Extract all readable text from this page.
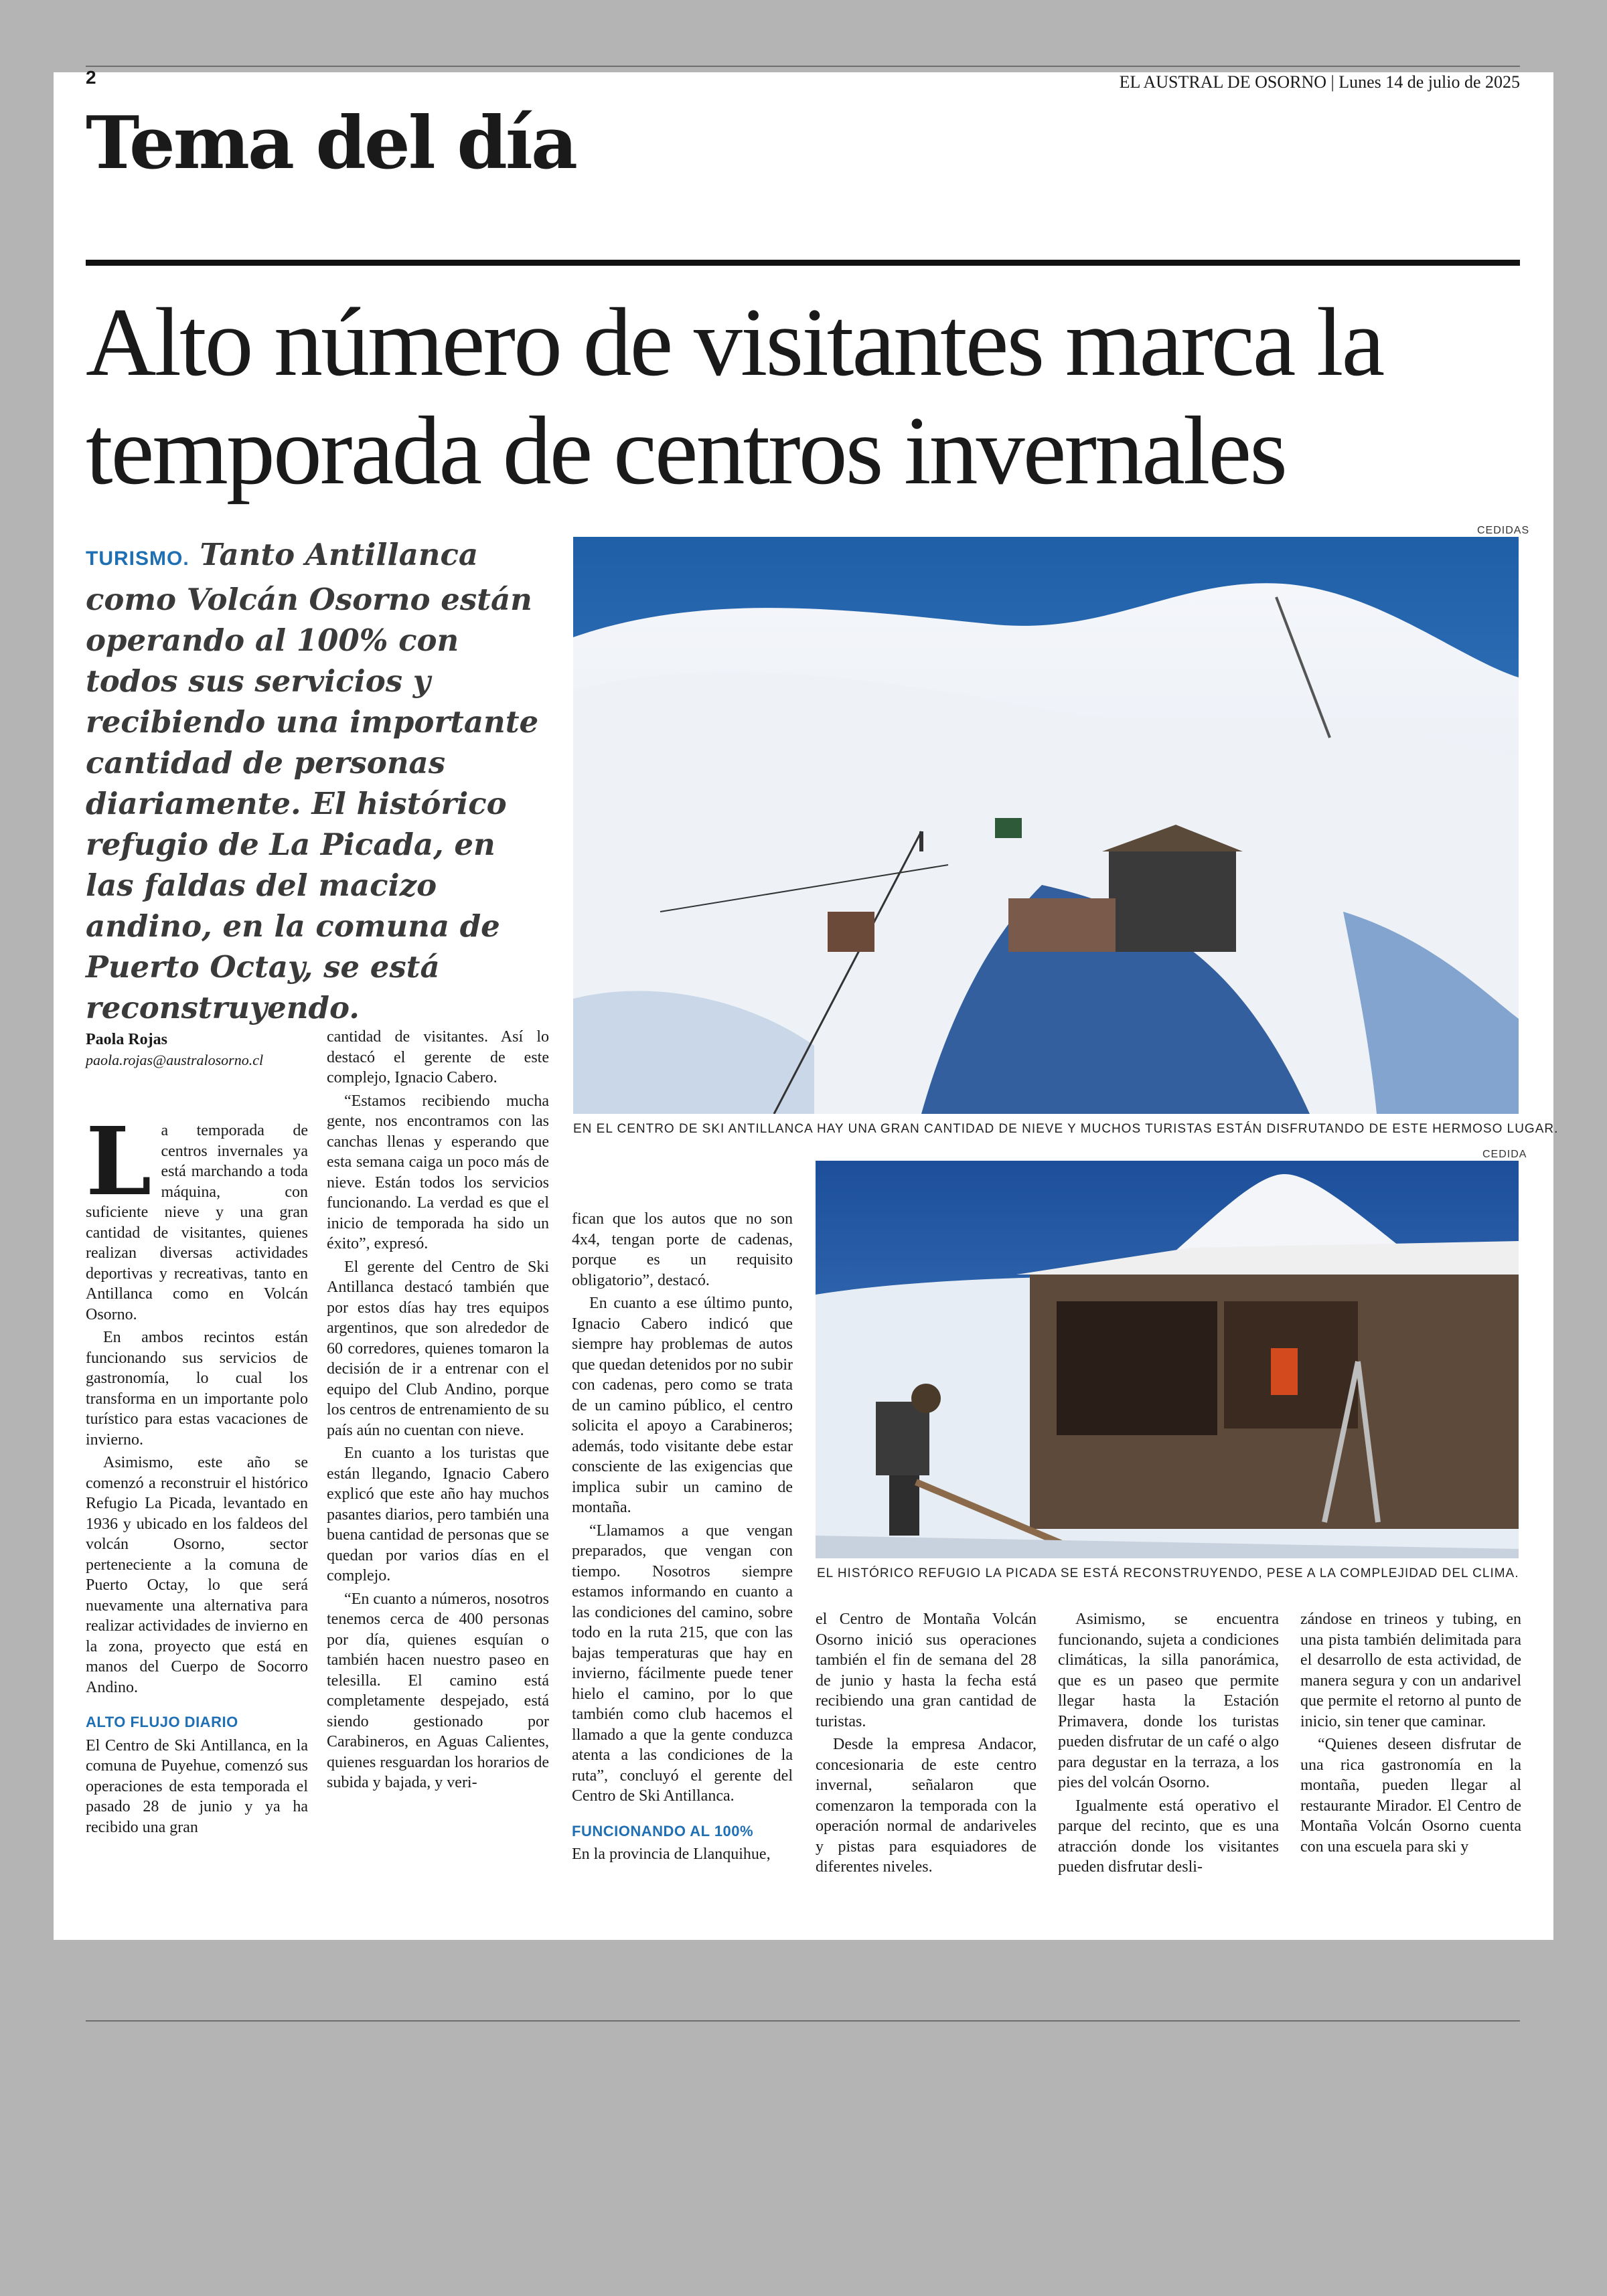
2	EL AUSTRAL DE OSORNO | Lunes 14 de julio de 2025
Tema del día
Alto número de visitantes marca la temporada de centros invernales

TURISMO. Tanto Antillanca como Volcán Osorno están operando al 100% con todos sus servicios y recibiendo una importante cantidad de personas diariamente. El histórico refugio de La Picada, en las faldas del macizo andino, en la comuna de Puerto Octay, se está reconstruyendo.

CEDIDAS
EN EL CENTRO DE SKI ANTILLANCA HAY UNA GRAN CANTIDAD DE NIEVE Y MUCHOS TURISTAS ESTÁN DISFRUTANDO DE ESTE HERMOSO LUGAR.
CEDIDA
EL HISTÓRICO REFUGIO LA PICADA SE ESTÁ RECONSTRUYENDO, PESE A LA COMPLEJIDAD DEL CLIMA.
Paola Rojas
paola.rojas@australosorno.cl

La temporada de centros invernales ya está marchando a toda máquina, con suficiente nieve y una gran cantidad de visitantes, quienes realizan diversas actividades deportivas y recreativas, tanto en Antillanca como en Volcán Osorno.

En ambos recintos están funcionando sus servicios de gastronomía, lo cual los transforma en un importante polo turístico para estas vacaciones de invierno.

Asimismo, este año se comenzó a reconstruir el histórico Refugio La Picada, levantado en 1936 y ubicado en los faldeos del volcán Osorno, sector perteneciente a la comuna de Puerto Octay, lo que será nuevamente una alternativa para realizar actividades de invierno en la zona, proyecto que está en manos del Cuerpo de Socorro Andino.

ALTO FLUJO DIARIO

El Centro de Ski Antillanca, en la comuna de Puyehue, comenzó sus operaciones de esta temporada el pasado 28 de junio y ya ha recibido una gran

cantidad de visitantes. Así lo destacó el gerente de este complejo, Ignacio Cabero.

“Estamos recibiendo mucha gente, nos encontramos con las canchas llenas y esperando que esta semana caiga un poco más de nieve. Están todos los servicios funcionando. La verdad es que el inicio de temporada ha sido un éxito”, expresó.

El gerente del Centro de Ski Antillanca destacó también que por estos días hay tres equipos argentinos, que son alrededor de 60 corredores, quienes tomaron la decisión de ir a entrenar con el equipo del Club Andino, porque los centros de entrenamiento de su país aún no cuentan con nieve.

En cuanto a los turistas que están llegando, Ignacio Cabero explicó que este año hay muchos pasantes diarios, pero también una buena cantidad de personas que se quedan por varios días en el complejo.

“En cuanto a números, nosotros tenemos cerca de 400 personas por día, quienes esquían o también hacen nuestro paseo en telesilla. El camino está completamente despejado, está siendo gestionado por Carabineros, en Aguas Calientes, quienes resguardan los horarios de subida y bajada, y veri-

fican que los autos que no son 4x4, tengan porte de cadenas, porque es un requisito obligatorio”, destacó.

En cuanto a ese último punto, Ignacio Cabero indicó que siempre hay problemas de autos que quedan detenidos por no subir con cadenas, pero como se trata de un camino público, el centro solicita el apoyo a Carabineros; además, todo visitante debe estar consciente de las exigencias que implica subir un camino de montaña.

“Llamamos a que vengan preparados, que vengan con tiempo. Nosotros siempre estamos informando en cuanto a las condiciones del camino, sobre todo en la ruta 215, que con las bajas temperaturas que hay en invierno, fácilmente puede tener hielo el camino, por lo que también como club hacemos el llamado a que la gente conduzca atenta a las condiciones de la ruta”, concluyó el gerente del Centro de Ski Antillanca.

FUNCIONANDO AL 100%

En la provincia de Llanquihue,

el Centro de Montaña Volcán Osorno inició sus operaciones también el fin de semana del 28 de junio y hasta la fecha está recibiendo una gran cantidad de turistas.

Desde la empresa Andacor, concesionaria de este centro invernal, señalaron que comenzaron la temporada con la operación normal de andariveles y pistas para esquiadores de diferentes niveles.

Asimismo, se encuentra funcionando, sujeta a condiciones climáticas, la silla panorámica, que es un paseo que permite llegar hasta la Estación Primavera, donde los turistas pueden disfrutar de un café o algo para degustar en la terraza, a los pies del volcán Osorno.

Igualmente está operativo el parque del recinto, que es una atracción donde los visitantes pueden disfrutar desli-

zándose en trineos y tubing, en una pista también delimitada para el desarrollo de esta actividad, de manera segura y con un andarivel que permite el retorno al punto de inicio, sin tener que caminar.

“Quienes deseen disfrutar de una rica gastronomía en la montaña, pueden llegar al restaurante Mirador. El Centro de Montaña Volcán Osorno cuenta con una escuela para ski y
